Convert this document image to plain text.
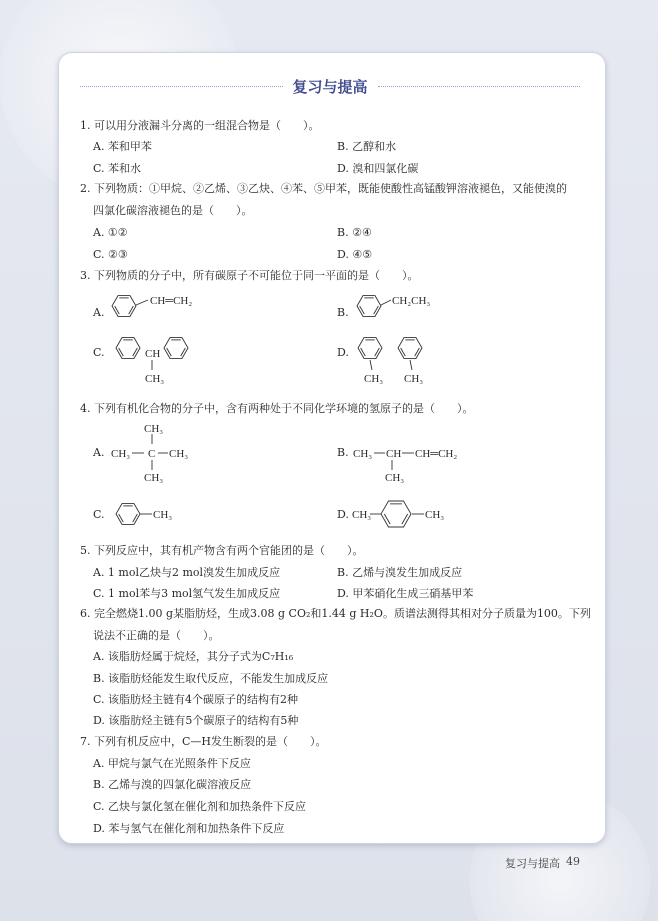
复习与提高
1. 可以用分液漏斗分离的一组混合物是（　　）。
A. 苯和甲苯	B. 乙醇和水
C. 苯和水	D. 溴和四氯化碳
2. 下列物质：①甲烷、②乙烯、③乙炔、④苯、⑤甲苯，既能使酸性高锰酸钾溶液褪色，又能使溴的
四氯化碳溶液褪色的是（　　）。
A. ①②	B. ②④
C. ②③	D. ④⑤
3. 下列物质的分子中，所有碳原子不可能位于同一平面的是（　　）。
A.	B.
C.	D.
4. 下列有机化合物的分子中，含有两种处于不同化学环境的氢原子的是（　　）。
A.	B.
C.	D.
5. 下列反应中，其有机产物含有两个官能团的是（　　）。
A. 1 mol乙炔与2 mol溴发生加成反应	B. 乙烯与溴发生加成反应
C. 1 mol苯与3 mol氢气发生加成反应	D. 甲苯硝化生成三硝基甲苯
6. 完全燃烧1.00 g某脂肪烃，生成3.08 g CO₂和1.44 g H₂O。质谱法测得其相对分子质量为100。下列
说法不正确的是（　　）。
A. 该脂肪烃属于烷烃，其分子式为C₇H₁₆
B. 该脂肪烃能发生取代反应，不能发生加成反应
C. 该脂肪烃主链有4个碳原子的结构有2种
D. 该脂肪烃主链有5个碳原子的结构有5种
7. 下列有机反应中，C—H发生断裂的是（　　）。
A. 甲烷与氯气在光照条件下反应
B. 乙烯与溴的四氯化碳溶液反应
C. 乙炔与氯化氢在催化剂和加热条件下反应
D. 苯与氢气在催化剂和加热条件下反应
CH═CH₂	CH₂CH₃
CH
CH₃	CH₃ CH₃
CH₃
CH₃ C CH₃
CH₃
CH₃ CH CH═CH₂
CH₃
CH₃	CH₃	CH₃
复习与提高 49
